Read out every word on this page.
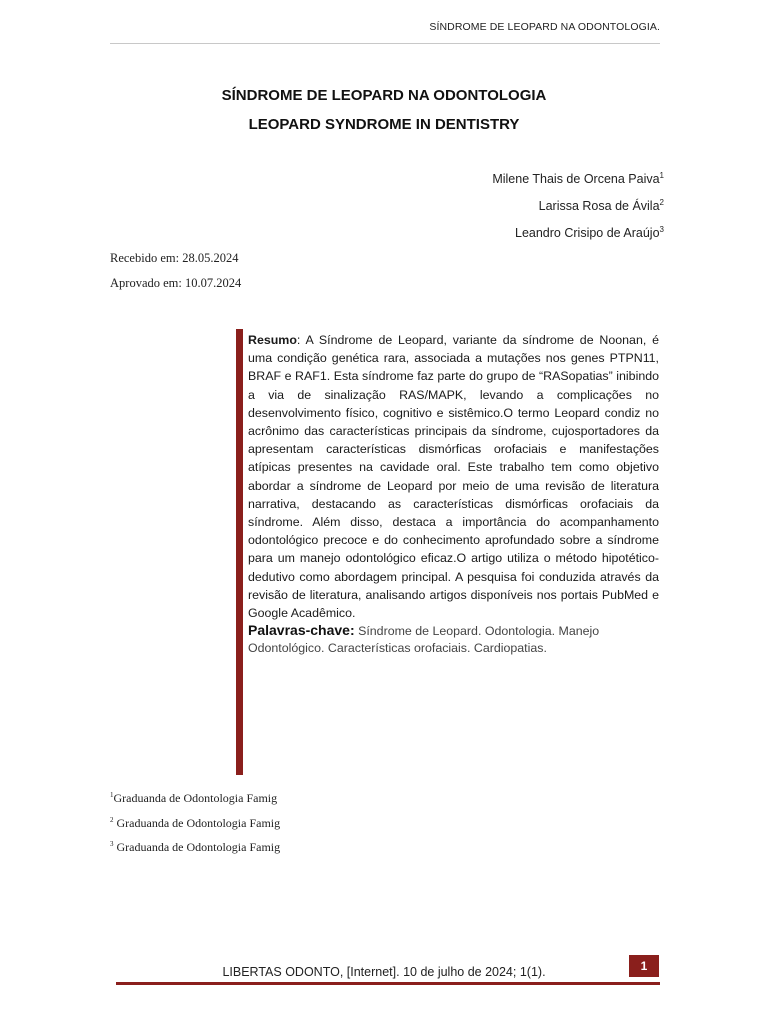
SÍNDROME DE LEOPARD NA ODONTOLOGIA.
SÍNDROME DE LEOPARD NA ODONTOLOGIA
LEOPARD SYNDROME IN DENTISTRY
Milene Thais de Orcena Paiva$^1$
Larissa Rosa de Ávila$^2$
Leandro Crisipo de Araújo$^3$
Recebido em: 28.05.2024
Aprovado em: 10.07.2024
Resumo: A Síndrome de Leopard, variante da síndrome de Noonan, é uma condição genética rara, associada a mutações nos genes PTPN11, BRAF e RAF1. Esta síndrome faz parte do grupo de “RASopatias” inibindo a via de sinalização RAS/MAPK, levando a complicações no desenvolvimento físico, cognitivo e sistêmico.O termo Leopard condiz no acrônimo das características principais da síndrome, cujosportadores da apresentam características dismórficas orofaciais e manifestações atípicas presentes na cavidade oral. Este trabalho tem como objetivo abordar a síndrome de Leopard por meio de uma revisão de literatura narrativa, destacando as características dismórficas orofaciais da síndrome. Além disso, destaca a importância do acompanhamento odontológico precoce e do conhecimento aprofundado sobre a síndrome para um manejo odontológico eficaz.O artigo utiliza o método hipotético-dedutivo como abordagem principal. A pesquisa foi conduzida através da revisão de literatura, analisando artigos disponíveis nos portais PubMed e Google Acadêmico.
Palavras-chave: Síndrome de Leopard. Odontologia. Manejo Odontológico. Características orofaciais. Cardiopatias.
$^1$Graduanda de Odontologia Famig
$^2$ Graduanda de Odontologia Famig
$^3$ Graduanda de Odontologia Famig
LIBERTAS ODONTO, [Internet]. 10 de julho de 2024; 1(1).	1
